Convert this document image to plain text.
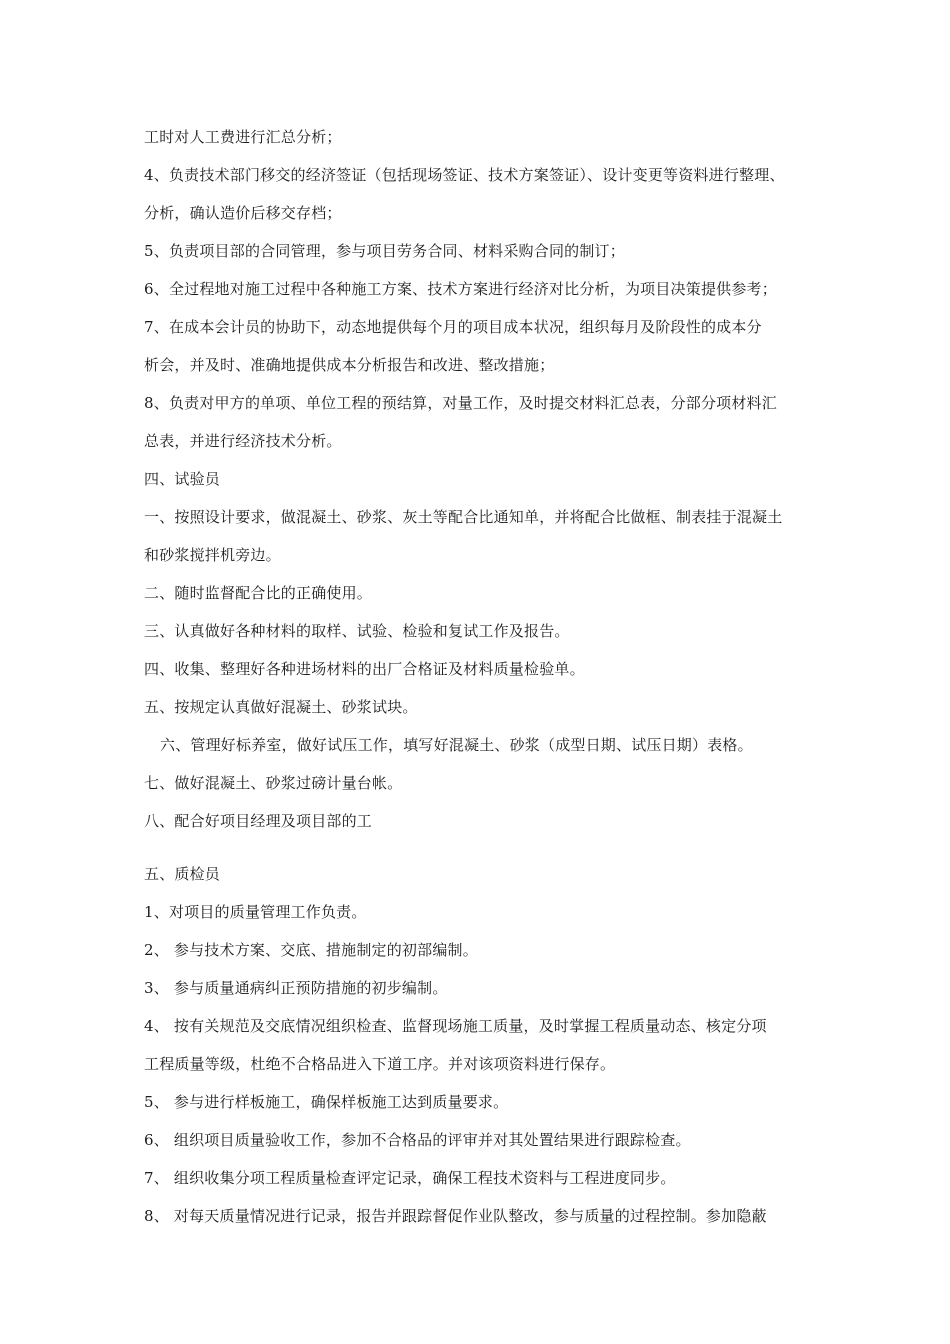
工时对人工费进行汇总分析；
4、负责技术部门移交的经济签证（包括现场签证、技术方案签证）、设计变更等资料进行整理、
分析，确认造价后移交存档；
5、负责项目部的合同管理，参与项目劳务合同、材料采购合同的制订；
6、全过程地对施工过程中各种施工方案、技术方案进行经济对比分析，为项目决策提供参考；
7、在成本会计员的协助下，动态地提供每个月的项目成本状况，组织每月及阶段性的成本分
析会，并及时、准确地提供成本分析报告和改进、整改措施；
8、负责对甲方的单项、单位工程的预结算，对量工作，及时提交材料汇总表，分部分项材料汇
总表，并进行经济技术分析。
四、试验员
一、按照设计要求，做混凝土、砂浆、灰土等配合比通知单，并将配合比做框、制表挂于混凝土
和砂浆搅拌机旁边。
二、随时监督配合比的正确使用。
三、认真做好各种材料的取样、试验、检验和复试工作及报告。
四、收集、整理好各种进场材料的出厂合格证及材料质量检验单。
五、按规定认真做好混凝土、砂浆试块。
六、管理好标养室，做好试压工作，填写好混凝土、砂浆（成型日期、试压日期）表格。
七、做好混凝土、砂浆过磅计量台帐。
八、配合好项目经理及项目部的工
五、质检员
1、对项目的质量管理工作负责。
2、 参与技术方案、交底、措施制定的初部编制。
3、 参与质量通病纠正预防措施的初步编制。
4、 按有关规范及交底情况组织检查、监督现场施工质量，及时掌握工程质量动态、核定分项
工程质量等级，杜绝不合格品进入下道工序。并对该项资料进行保存。
5、 参与进行样板施工，确保样板施工达到质量要求。
6、 组织项目质量验收工作，参加不合格品的评审并对其处置结果进行跟踪检查。
7、 组织收集分项工程质量检查评定记录，确保工程技术资料与工程进度同步。
8、 对每天质量情况进行记录，报告并跟踪督促作业队整改，参与质量的过程控制。参加隐蔽
